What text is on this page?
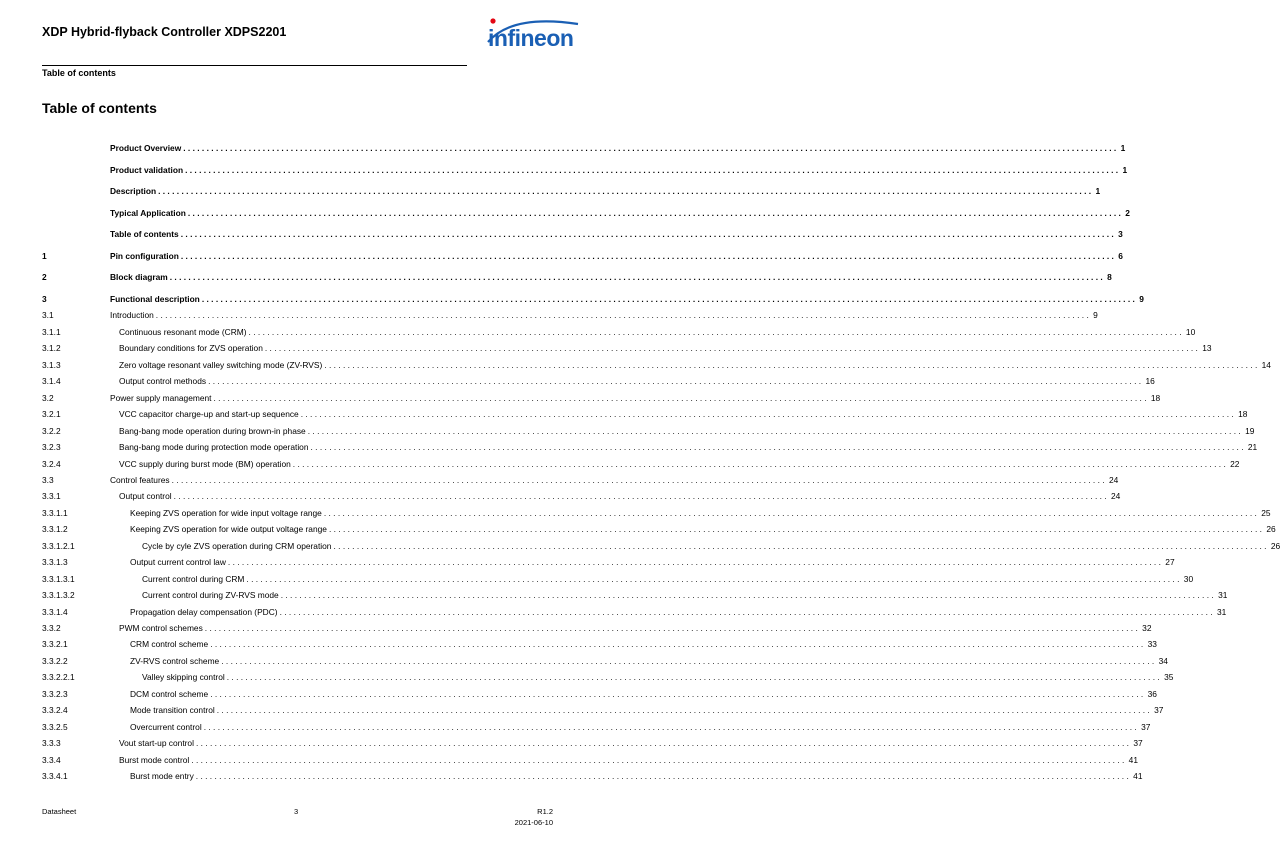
XDP Hybrid-flyback Controller XDPS2201	infineon
Table of contents
Table of contents
Product Overview ........................................................................................................................................................................................................ 1
Product validation ........................................................................................................................................................................................................ 1
Description ........................................................................................................................................................................................................ 1
Typical Application ........................................................................................................................................................................................................ 2
Table of contents ........................................................................................................................................................................................................ 3
1	Pin configuration ........................................................................................................................................................................................................ 6
2	Block diagram ........................................................................................................................................................................................................ 8
3	Functional description ........................................................................................................................................................................................................ 9
3.1	Introduction ........................................................................................................................................................................................................ 9
3.1.1	Continuous resonant mode (CRM) ........................................................................................................................................................................................................ 10
3.1.2	Boundary conditions for ZVS operation ........................................................................................................................................................................................................ 13
3.1.3	Zero voltage resonant valley switching mode (ZV-RVS) ........................................................................................................................................................................................................ 14
3.1.4	Output control methods ........................................................................................................................................................................................................ 16
3.2	Power supply management ........................................................................................................................................................................................................ 18
3.2.1	VCC capacitor charge-up and start-up sequence ........................................................................................................................................................................................................ 18
3.2.2	Bang-bang mode operation during brown-in phase ........................................................................................................................................................................................................ 19
3.2.3	Bang-bang mode during protection mode operation ........................................................................................................................................................................................................ 21
3.2.4	VCC supply during burst mode (BM) operation ........................................................................................................................................................................................................ 22
3.3	Control features ........................................................................................................................................................................................................ 24
3.3.1	Output control ........................................................................................................................................................................................................ 24
3.3.1.1	Keeping ZVS operation for wide input voltage range ........................................................................................................................................................................................................ 25
3.3.1.2	Keeping ZVS operation for wide output voltage range ........................................................................................................................................................................................................ 26
3.3.1.2.1	Cycle by cyle ZVS operation during CRM operation ........................................................................................................................................................................................................ 26
3.3.1.3	Output current control law ........................................................................................................................................................................................................ 27
3.3.1.3.1	Current control during CRM ........................................................................................................................................................................................................ 30
3.3.1.3.2	Current control during ZV-RVS mode ........................................................................................................................................................................................................ 31
3.3.1.4	Propagation delay compensation (PDC) ........................................................................................................................................................................................................ 31
3.3.2	PWM control schemes ........................................................................................................................................................................................................ 32
3.3.2.1	CRM control scheme ........................................................................................................................................................................................................ 33
3.3.2.2	ZV-RVS control scheme ........................................................................................................................................................................................................ 34
3.3.2.2.1	Valley skipping control ........................................................................................................................................................................................................ 35
3.3.2.3	DCM control scheme ........................................................................................................................................................................................................ 36
3.3.2.4	Mode transition control ........................................................................................................................................................................................................ 37
3.3.2.5	Overcurrent control ........................................................................................................................................................................................................ 37
3.3.3	Vout start-up control ........................................................................................................................................................................................................ 37
3.3.4	Burst mode control ........................................................................................................................................................................................................ 41
3.3.4.1	Burst mode entry ........................................................................................................................................................................................................ 41
Datasheet	3	R1.2
2021-06-10
